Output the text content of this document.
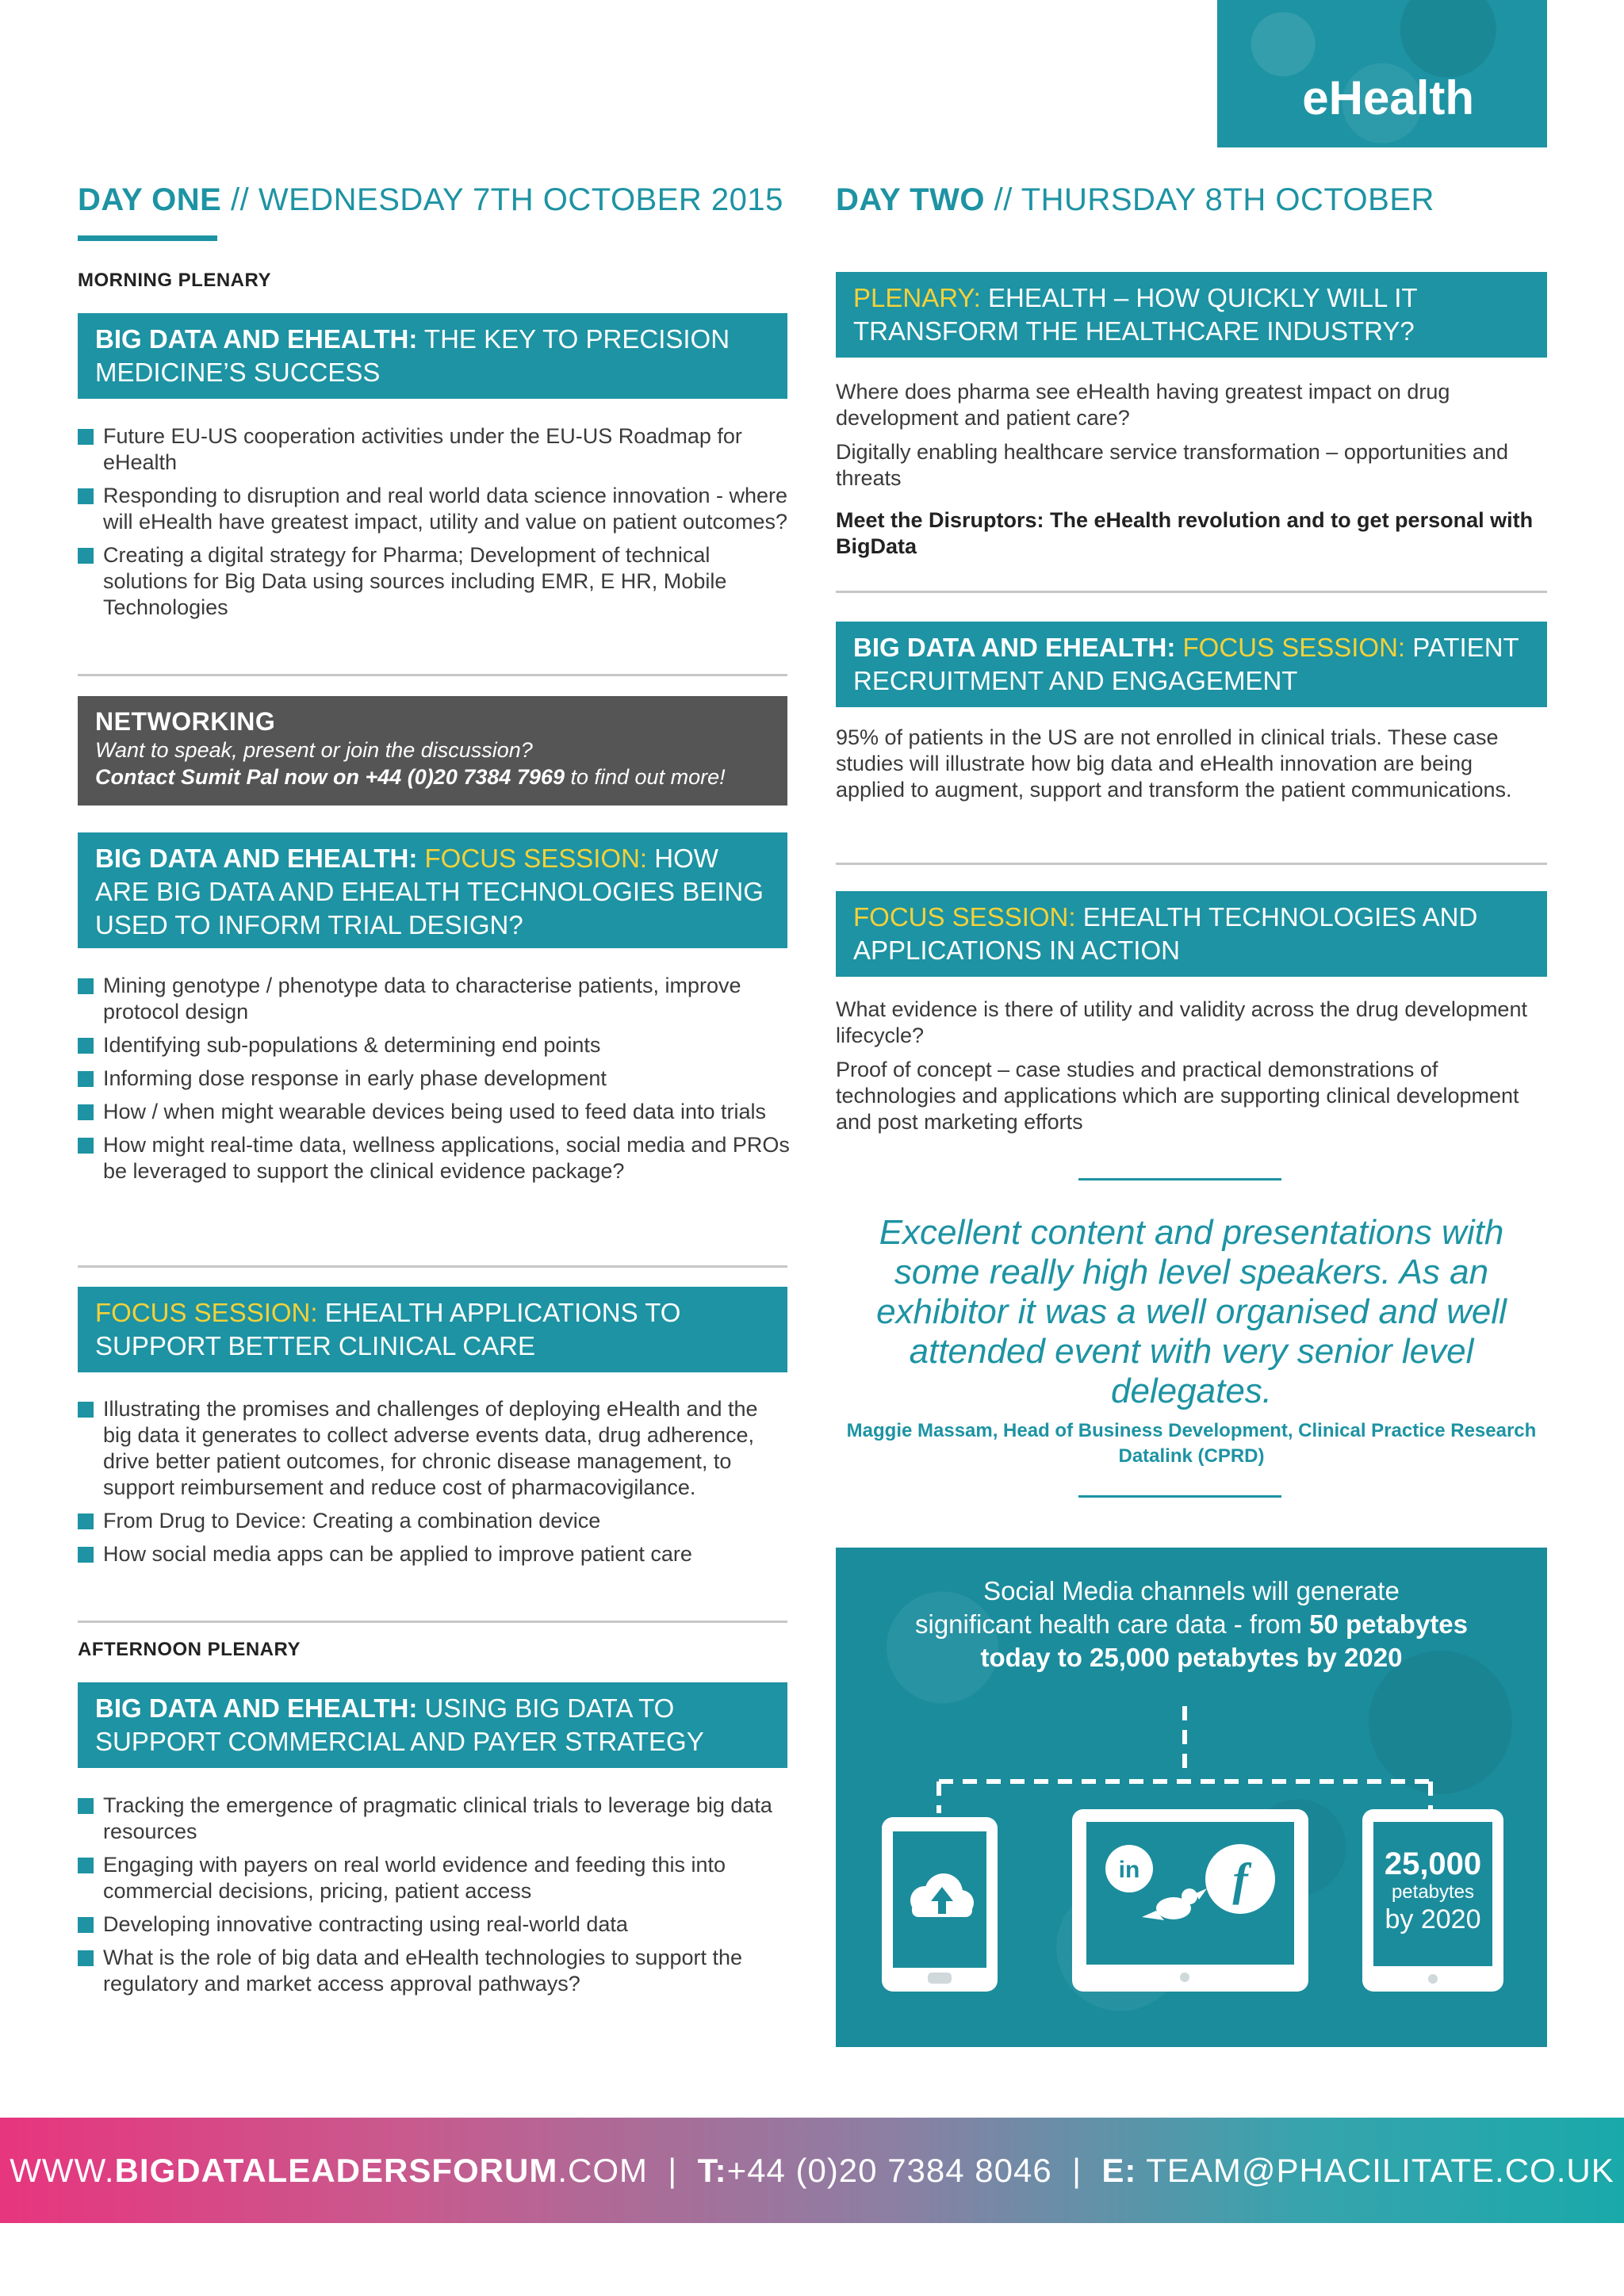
eHealth
DAY ONE // WEDNESDAY 7TH OCTOBER 2015
MORNING PLENARY
BIG DATA AND EHEALTH: THE KEY TO PRECISION MEDICINE’S SUCCESS
Future EU-US cooperation activities under the EU-US Roadmap for eHealth
Responding to disruption and real world data science innovation - where will eHealth have greatest impact, utility and value on patient outcomes?
Creating a digital strategy for Pharma; Development of technical solutions for Big Data using sources including EMR, E HR, Mobile Technologies
NETWORKING
Want to speak, present or join the discussion?
Contact Sumit Pal now on +44 (0)20 7384 7969 to find out more!
BIG DATA AND EHEALTH: FOCUS SESSION: HOW ARE BIG DATA AND EHEALTH TECHNOLOGIES BEING USED TO INFORM TRIAL DESIGN?
Mining genotype / phenotype data to characterise patients, improve protocol design
Identifying sub-populations & determining end points
Informing dose response in early phase development
How / when might wearable devices being used to feed data into trials
How might real-time data, wellness applications, social media and PROs be leveraged to support the clinical evidence package?
FOCUS SESSION: EHEALTH APPLICATIONS TO SUPPORT BETTER CLINICAL CARE
Illustrating the promises and challenges of deploying eHealth and the big data it generates to collect adverse events data, drug adherence, drive better patient outcomes, for chronic disease management, to support reimbursement and reduce cost of pharmacovigilance.
From Drug to Device: Creating a combination device
How social media apps can be applied to improve patient care
AFTERNOON PLENARY
BIG DATA AND EHEALTH: USING BIG DATA TO SUPPORT COMMERCIAL AND PAYER STRATEGY
Tracking the emergence of pragmatic clinical trials to leverage big data resources
Engaging with payers on real world evidence and feeding this into commercial decisions, pricing, patient access
Developing innovative contracting using real-world data
What is the role of big data and eHealth technologies to support the regulatory and market access approval pathways?
DAY TWO // THURSDAY 8TH OCTOBER
PLENARY: EHEALTH – HOW QUICKLY WILL IT TRANSFORM THE HEALTHCARE INDUSTRY?

Where does pharma see eHealth having greatest impact on drug development and patient care?

Digitally enabling healthcare service transformation – opportunities and threats

Meet the Disruptors: The eHealth revolution and to get personal with BigData

BIG DATA AND EHEALTH: FOCUS SESSION: PATIENT RECRUITMENT AND ENGAGEMENT

95% of patients in the US are not enrolled in clinical trials. These case studies will illustrate how big data and eHealth innovation are being applied to augment, support and transform the patient communications.

FOCUS SESSION: EHEALTH TECHNOLOGIES AND APPLICATIONS IN ACTION

What evidence is there of utility and validity across the drug development lifecycle?

Proof of concept – case studies and practical demonstrations of technologies and applications which are supporting clinical development and post marketing efforts

Excellent content and presentations with some really high level speakers. As an exhibitor it was a well organised and well attended event with very senior level delegates.
Maggie Massam, Head of Business Development, Clinical Practice Research Datalink (CPRD)
Social Media channels will generate
significant health care data - from 50 petabytes
today to 25,000 petabytes by 2020
in f	25,000
petabytes
by 2020
WWW.BIGDATALEADERSFORUM.COM | T:+44 (0)20 7384 8046 | E: TEAM@PHACILITATE.CO.UK
